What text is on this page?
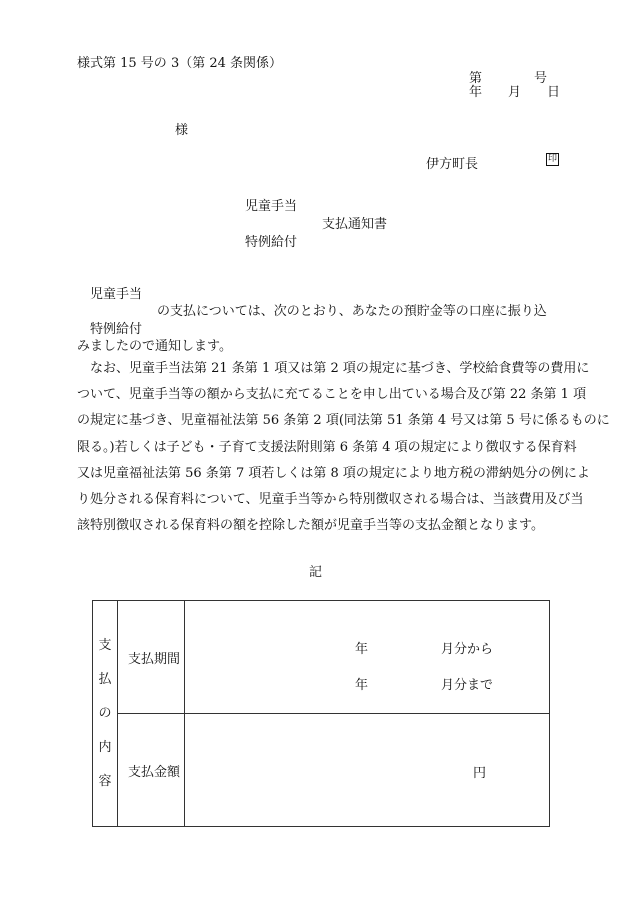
様式第 15 号の 3（第 24 条関係）
第　　　　号
年　　月　　日
様
伊方町長	印
児童手当
支払通知書
特例給付
児童手当
の支払については、次のとおり、あなたの預貯金等の口座に振り込
特例給付
みましたので通知します。
　なお、児童手当法第 21 条第 1 項又は第 2 項の規定に基づき、学校給食費等の費用に
ついて、児童手当等の額から支払に充てることを申し出ている場合及び第 22 条第 1 項
の規定に基づき、児童福祉法第 56 条第 2 項(同法第 51 条第 4 号又は第 5 号に係るものに
限る。)若しくは子ども・子育て支援法附則第 6 条第 4 項の規定により徴収する保育料
又は児童福祉法第 56 条第 7 項若しくは第 8 項の規定により地方税の滞納処分の例によ
り処分される保育料について、児童手当等から特別徴収される場合は、当該費用及び当
該特別徴収される保育料の額を控除した額が児童手当等の支払金額となります。
記
支
払
の
内
容	支払期間	年 月分から
年 月分まで

	支払金額	円
